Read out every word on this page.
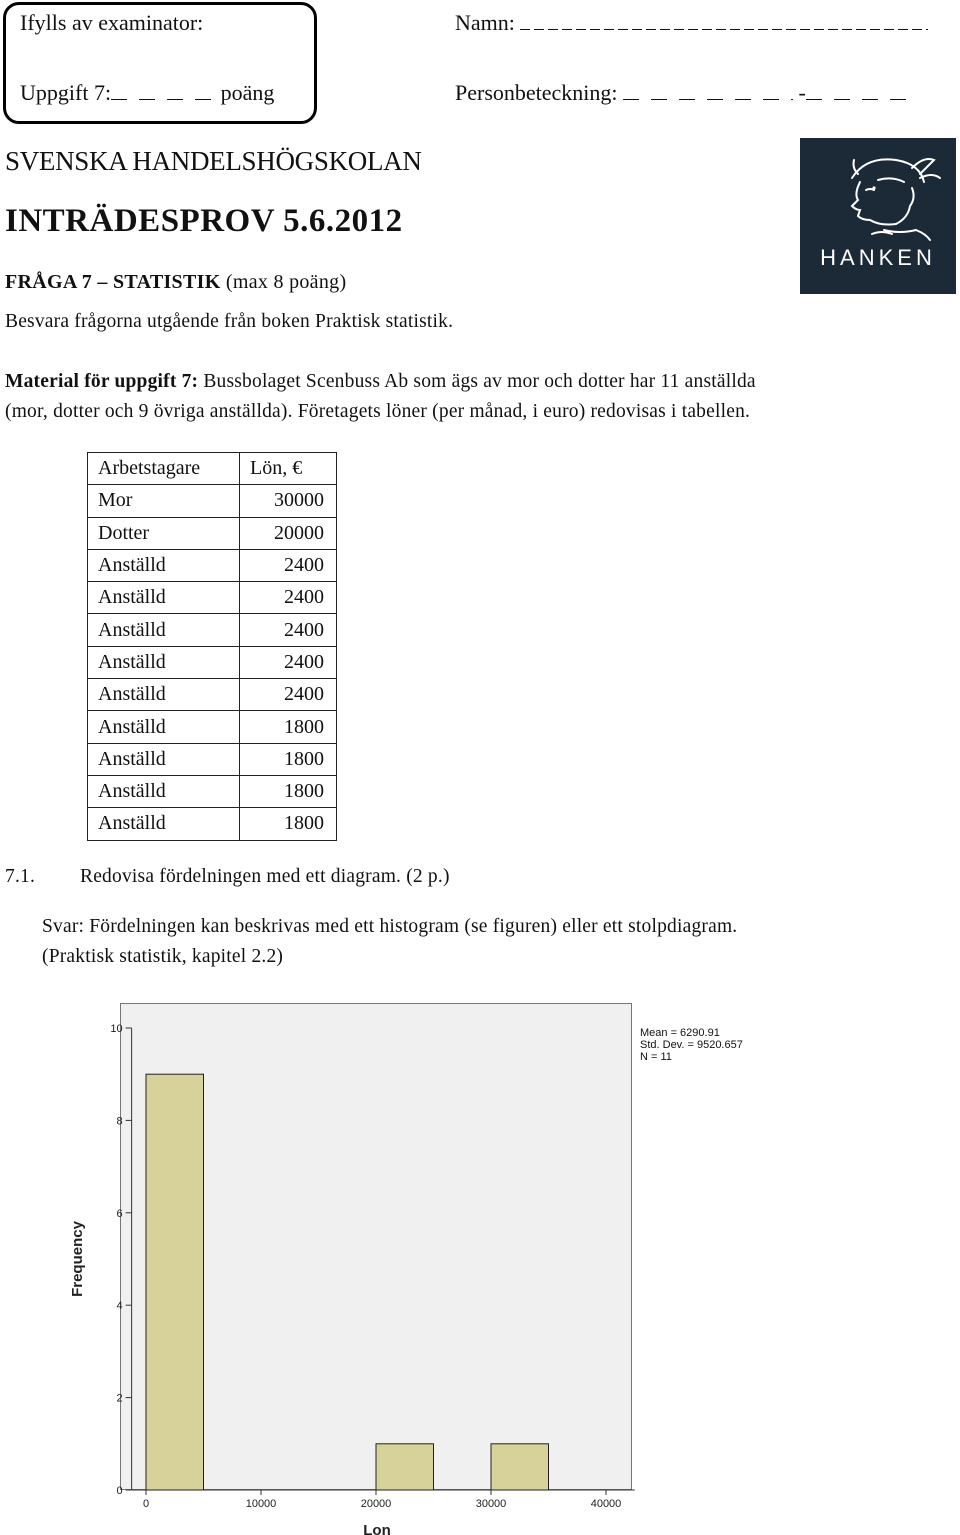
Ifylls av examinator:
Uppgift 7:	poäng
Namn:
Personbeteckning:	-
SVENSKA HANDELSHÖGSKOLAN
INTRÄDESPROV 5.6.2012
FRÅGA 7 – STATISTIK (max 8 poäng)
Besvara frågorna utgående från boken Praktisk statistik.
HANKEN
Material för uppgift 7: Bussbolaget Scenbuss Ab som ägs av mor och dotter har 11 anställda
(mor, dotter och 9 övriga anställda). Företagets löner (per månad, i euro) redovisas i tabellen.
Arbetstagare	Lön, €
Mor	30000
Dotter	20000
Anställd	2400
Anställd	2400
Anställd	2400
Anställd	2400
Anställd	2400
Anställd	1800
Anställd	1800
Anställd	1800
Anställd	1800
7.1. Redovisa fördelningen med ett diagram. (2 p.)
Svar: Fördelningen kan beskrivas med ett histogram (se figuren) eller ett stolpdiagram.
(Praktisk statistik, kapitel 2.2)
0
2
4
6
8
10
0	10000	20000	30000	40000
Frequency
Lon
Mean = 6290.91
Std. Dev. = 9520.657
N = 11
